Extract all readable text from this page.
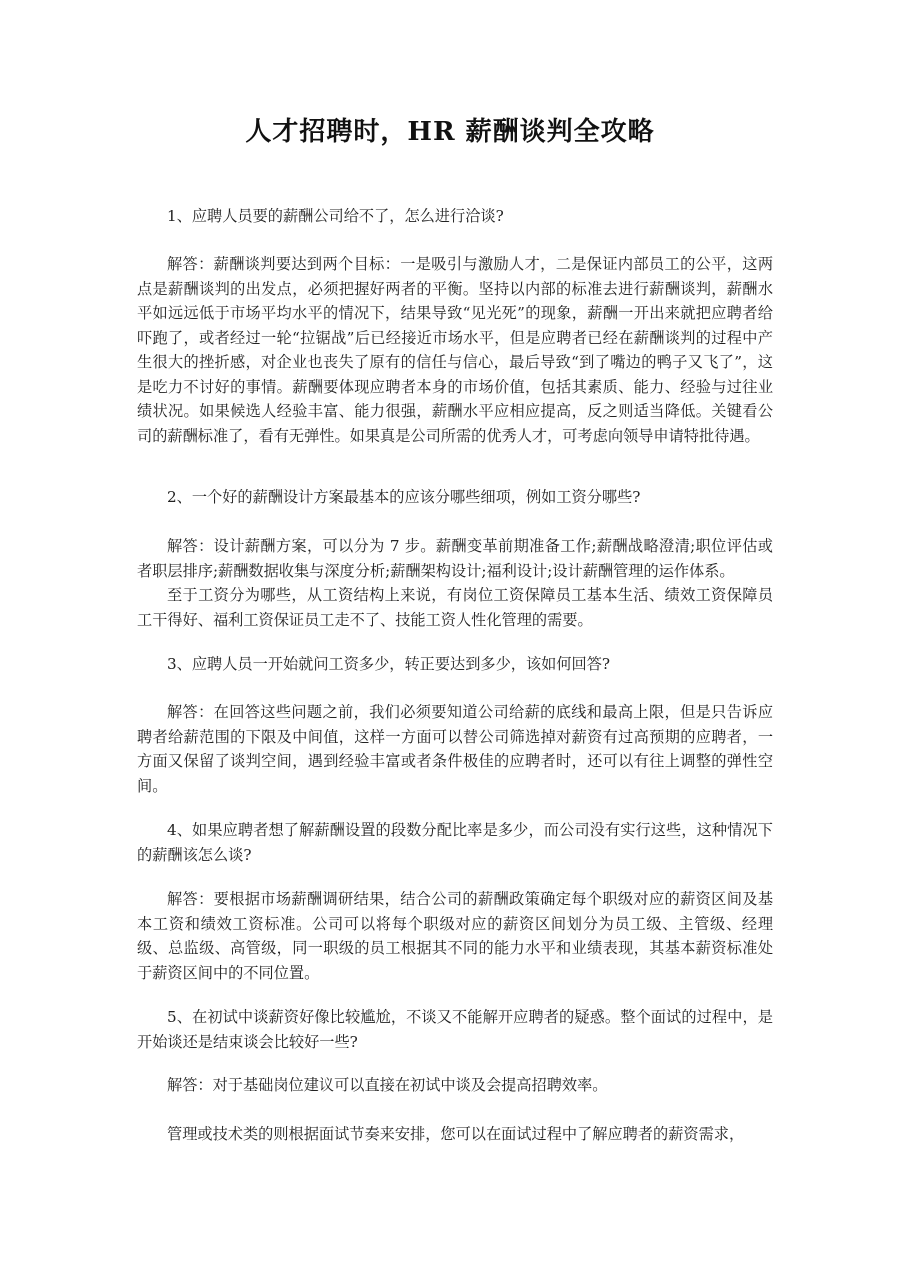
人才招聘时，HR 薪酬谈判全攻略

1、应聘人员要的薪酬公司给不了，怎么进行洽谈?

解答：薪酬谈判要达到两个目标：一是吸引与激励人才，二是保证内部员工的公平，这两点是薪酬谈判的出发点，必须把握好两者的平衡。坚持以内部的标准去进行薪酬谈判，薪酬水平如远远低于市场平均水平的情况下，结果导致“见光死”的现象，薪酬一开出来就把应聘者给吓跑了，或者经过一轮“拉锯战”后已经接近市场水平，但是应聘者已经在薪酬谈判的过程中产生很大的挫折感，对企业也丧失了原有的信任与信心，最后导致“到了嘴边的鸭子又飞了”，这是吃力不讨好的事情。薪酬要体现应聘者本身的市场价值，包括其素质、能力、经验与过往业绩状况。如果候选人经验丰富、能力很强，薪酬水平应相应提高，反之则适当降低。关键看公司的薪酬标准了，看有无弹性。如果真是公司所需的优秀人才，可考虑向领导申请特批待遇。

2、一个好的薪酬设计方案最基本的应该分哪些细项，例如工资分哪些?

解答：设计薪酬方案，可以分为 7 步。薪酬变革前期准备工作;薪酬战略澄清;职位评估或者职层排序;薪酬数据收集与深度分析;薪酬架构设计;福利设计;设计薪酬管理的运作体系。

至于工资分为哪些，从工资结构上来说，有岗位工资保障员工基本生活、绩效工资保障员工干得好、福利工资保证员工走不了、技能工资人性化管理的需要。

3、应聘人员一开始就问工资多少，转正要达到多少，该如何回答?

解答：在回答这些问题之前，我们必须要知道公司给薪的底线和最高上限，但是只告诉应聘者给薪范围的下限及中间值，这样一方面可以替公司筛选掉对薪资有过高预期的应聘者，一方面又保留了谈判空间，遇到经验丰富或者条件极佳的应聘者时，还可以有往上调整的弹性空间。

4、如果应聘者想了解薪酬设置的段数分配比率是多少，而公司没有实行这些，这种情况下的薪酬该怎么谈?

解答：要根据市场薪酬调研结果，结合公司的薪酬政策确定每个职级对应的薪资区间及基本工资和绩效工资标准。公司可以将每个职级对应的薪资区间划分为员工级、主管级、经理级、总监级、高管级，同一职级的员工根据其不同的能力水平和业绩表现，其基本薪资标准处于薪资区间中的不同位置。

5、在初试中谈薪资好像比较尴尬，不谈又不能解开应聘者的疑惑。整个面试的过程中，是开始谈还是结束谈会比较好一些?

解答：对于基础岗位建议可以直接在初试中谈及会提高招聘效率。

管理或技术类的则根据面试节奏来安排，您可以在面试过程中了解应聘者的薪资需求，
